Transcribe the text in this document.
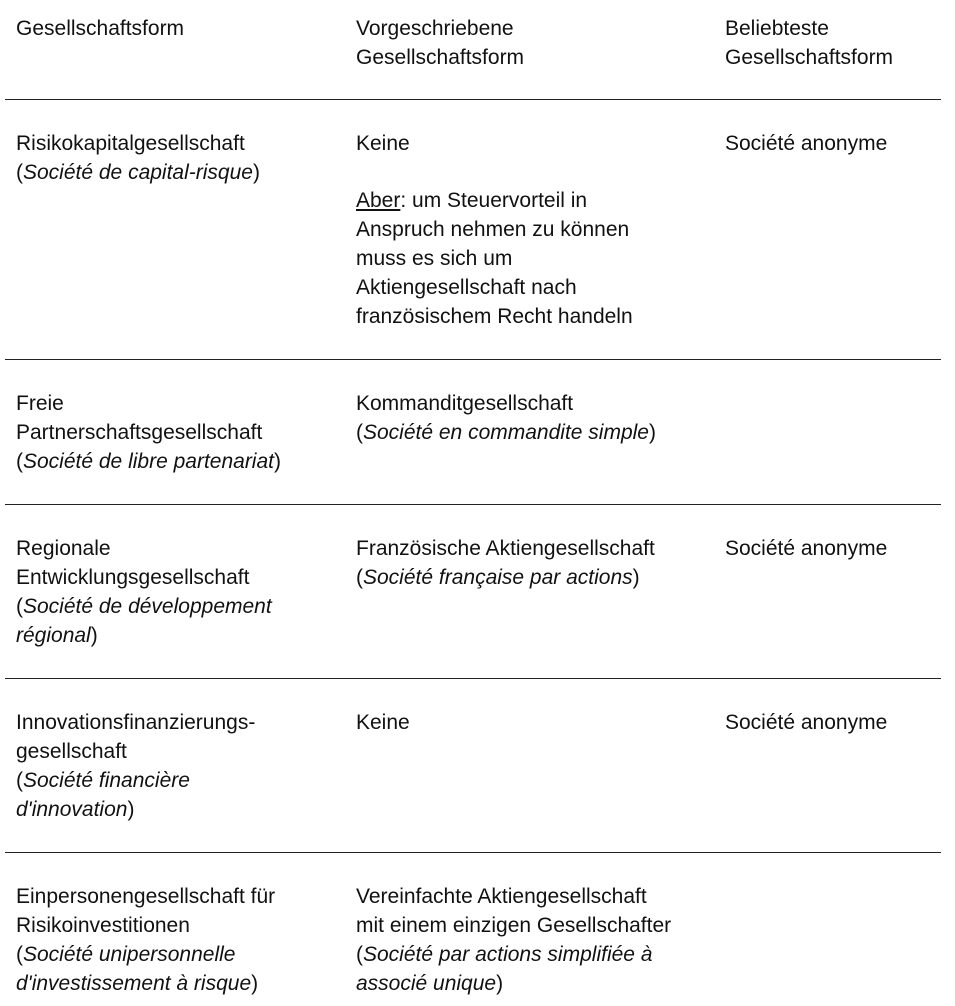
Gesellschaftsform	Vorgeschriebene
Gesellschaftsform
Beliebteste
Gesellschaftsform
Risikokapitalgesellschaft
(Société de capital-risque)
Keine
Aber: um Steuervorteil in
Anspruch nehmen zu können
muss es sich um
Aktiengesellschaft nach
französischem Recht handeln
Société anonyme
Freie
Partnerschaftsgesellschaft
(Société de libre partenariat)
Kommanditgesellschaft
(Société en commandite simple)
Regionale
Entwicklungsgesellschaft
(Société de développement
régional)
Französische Aktiengesellschaft
(Société française par actions)
Société anonyme
Innovationsfinanzierungs-
gesellschaft
(Société financière
d'innovation)
Keine	Société anonyme
Einpersonengesellschaft für
Risikoinvestitionen
(Société unipersonnelle
d'investissement à risque)
Vereinfachte Aktiengesellschaft
mit einem einzigen Gesellschafter
(Société par actions simplifiée à
associé unique)
